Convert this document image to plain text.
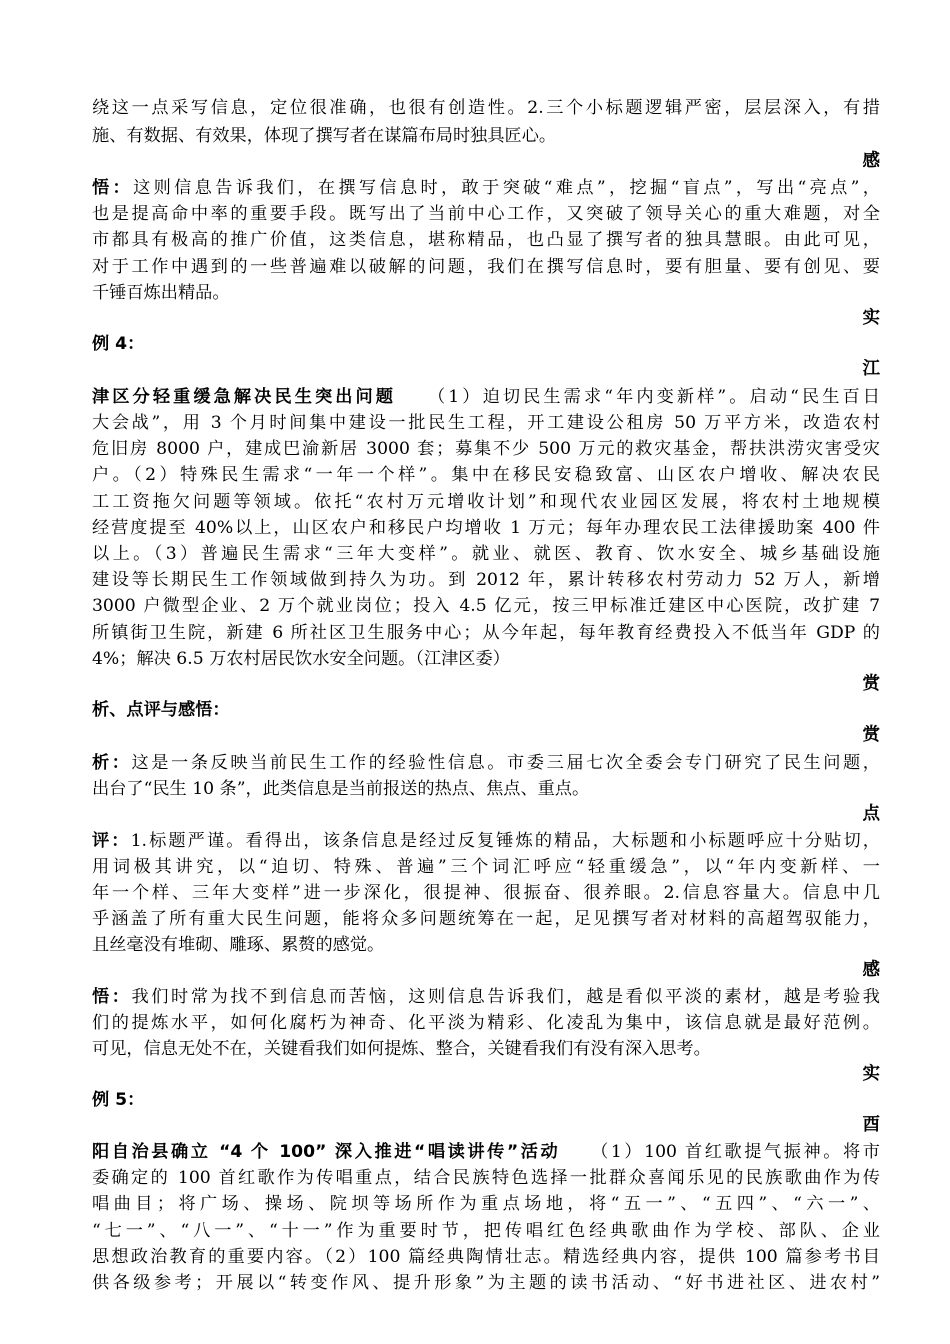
绕这一点采写信息，定位很准确，也很有创造性。2.三个小标题逻辑严密，层层深入，有措
施、有数据、有效果，体现了撰写者在谋篇布局时独具匠心。
感
悟：这则信息告诉我们，在撰写信息时，敢于突破“难点”，挖掘“盲点”，写出“亮点”，
也是提高命中率的重要手段。既写出了当前中心工作，又突破了领导关心的重大难题，对全
市都具有极高的推广价值，这类信息，堪称精品，也凸显了撰写者的独具慧眼。由此可见，
对于工作中遇到的一些普遍难以破解的问题，我们在撰写信息时，要有胆量、要有创见、要
千锤百炼出精品。
实
例 4：
江
津区分轻重缓急解决民生突出问题　　（1）迫切民生需求“年内变新样”。启动“民生百日
大会战”，用 3 个月时间集中建设一批民生工程，开工建设公租房 50 万平方米，改造农村
危旧房 8000 户，建成巴渝新居 3000 套；募集不少 500 万元的救灾基金，帮扶洪涝灾害受灾
户。（2）特殊民生需求“一年一个样”。集中在移民安稳致富、山区农户增收、解决农民
工工资拖欠问题等领域。依托“农村万元增收计划”和现代农业园区发展，将农村土地规模
经营度提至 40%以上，山区农户和移民户均增收 1 万元；每年办理农民工法律援助案 400 件
以上。（3）普遍民生需求“三年大变样”。就业、就医、教育、饮水安全、城乡基础设施
建设等长期民生工作领域做到持久为功。到 2012 年，累计转移农村劳动力 52 万人，新增
3000 户微型企业、2 万个就业岗位；投入 4.5 亿元，按三甲标准迁建区中心医院，改扩建 7
所镇街卫生院，新建 6 所社区卫生服务中心；从今年起，每年教育经费投入不低当年 GDP 的
4%；解决 6.5 万农村居民饮水安全问题。（江津区委）
赏
析、点评与感悟：
赏
析：这是一条反映当前民生工作的经验性信息。市委三届七次全委会专门研究了民生问题，
出台了“民生 10 条”，此类信息是当前报送的热点、焦点、重点。
点
评：1.标题严谨。看得出，该条信息是经过反复锤炼的精品，大标题和小标题呼应十分贴切，
用词极其讲究，以“迫切、特殊、普遍”三个词汇呼应“轻重缓急”，以“年内变新样、一
年一个样、三年大变样”进一步深化，很提神、很振奋、很养眼。2.信息容量大。信息中几
乎涵盖了所有重大民生问题，能将众多问题统筹在一起，足见撰写者对材料的高超驾驭能力，
且丝毫没有堆砌、雕琢、累赘的感觉。
感
悟：我们时常为找不到信息而苦恼，这则信息告诉我们，越是看似平淡的素材，越是考验我
们的提炼水平，如何化腐朽为神奇、化平淡为精彩、化凌乱为集中，该信息就是最好范例。
可见，信息无处不在，关键看我们如何提炼、整合，关键看我们有没有深入思考。
实
例 5：
酉
阳自治县确立 “4 个 100” 深入推进“唱读讲传”活动　　（1）100 首红歌提气振神。将市
委确定的 100 首红歌作为传唱重点，结合民族特色选择一批群众喜闻乐见的民族歌曲作为传
唱曲目；将广场、操场、院坝等场所作为重点场地，将“五一”、“五四”、“六一”、
“七一”、“八一”、“十一”作为重要时节，把传唱红色经典歌曲作为学校、部队、企业
思想政治教育的重要内容。（2）100 篇经典陶情壮志。精选经典内容，提供 100 篇参考书目
供各级参考；开展以“转变作风、提升形象”为主题的读书活动、“好书进社区、进农村”
